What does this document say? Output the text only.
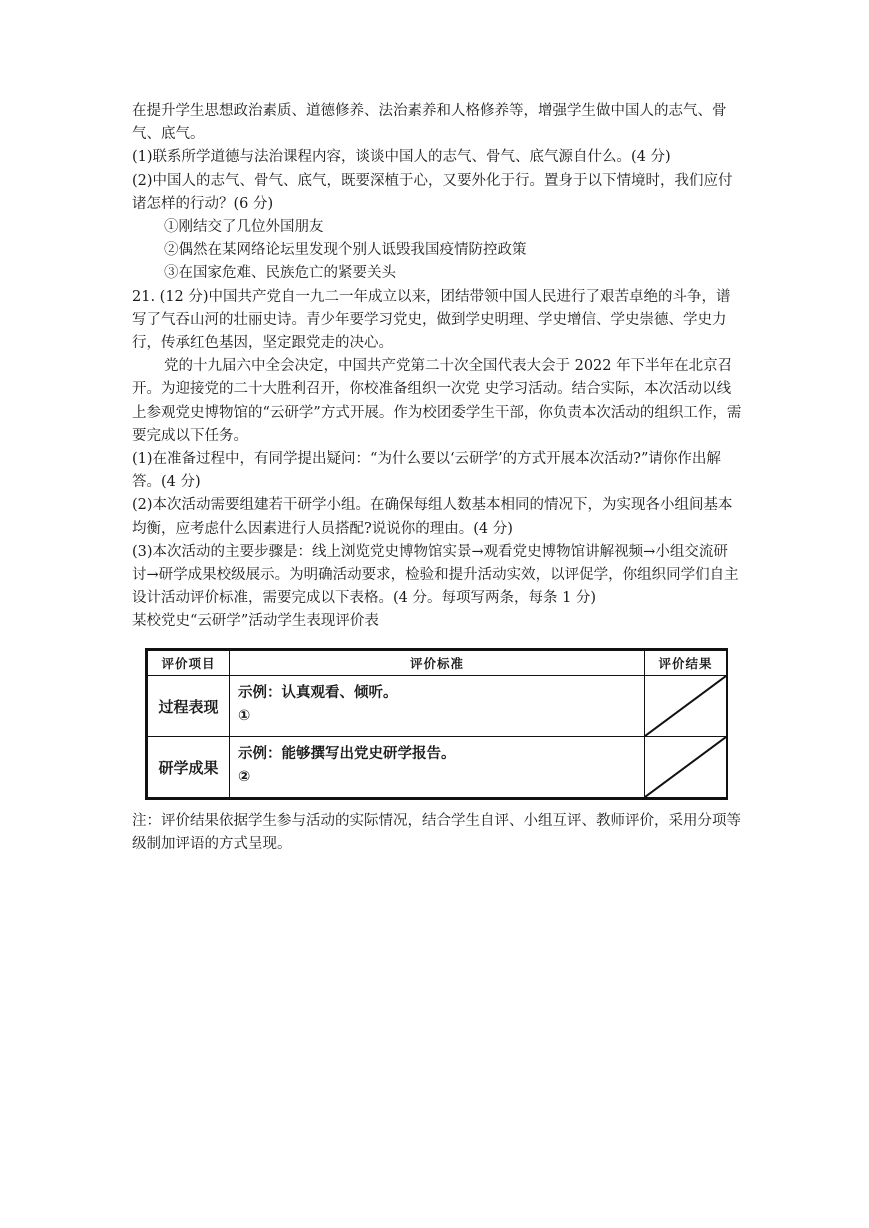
在提升学生思想政治素质、道德修养、法治素养和人格修养等，增强学生做中国人的志气、骨气、底气。

(1)联系所学道德与法治课程内容，谈谈中国人的志气、骨气、底气源自什么。(4 分)

(2)中国人的志气、骨气、底气，既要深植于心，又要外化于行。置身于以下情境时，我们应付诸怎样的行动？(6 分)

①刚结交了几位外国朋友

②偶然在某网络论坛里发现个别人诋毁我国疫情防控政策

③在国家危难、民族危亡的紧要关头

21. (12 分)中国共产党自一九二一年成立以来，团结带领中国人民进行了艰苦卓绝的斗争，谱写了气吞山河的壮丽史诗。青少年要学习党史，做到学史明理、学史增信、学史崇德、学史力行，传承红色基因，坚定跟党走的决心。

党的十九届六中全会决定，中国共产党第二十次全国代表大会于 2022 年下半年在北京召开。为迎接党的二十大胜利召开，你校准备组织一次党 史学习活动。结合实际，本次活动以线上参观党史博物馆的“云研学”方式开展。作为校团委学生干部，你负责本次活动的组织工作，需要完成以下任务。

(1)在准备过程中，有同学提出疑问：“为什么要以‘云研学’的方式开展本次活动?”请你作出解答。(4 分)

(2)本次活动需要组建若干研学小组。在确保每组人数基本相同的情况下，为实现各小组间基本均衡，应考虑什么因素进行人员搭配?说说你的理由。(4 分)

(3)本次活动的主要步骤是：线上浏览党史博物馆实景→观看党史博物馆讲解视频→小组交流研讨→研学成果校级展示。为明确活动要求，检验和提升活动实效，以评促学，你组织同学们自主设计活动评价标准，需要完成以下表格。(4 分。每项写两条，每条 1 分)

某校党史“云研学”活动学生表现评价表

评价项目	评价标准	评价结果
过程表现	示例：认真观看、倾听。
①

研学成果	示例：能够撰写出党史研学报告。
②

注：评价结果依据学生参与活动的实际情况，结合学生自评、小组互评、教师评价，采用分项等级制加评语的方式呈现。
